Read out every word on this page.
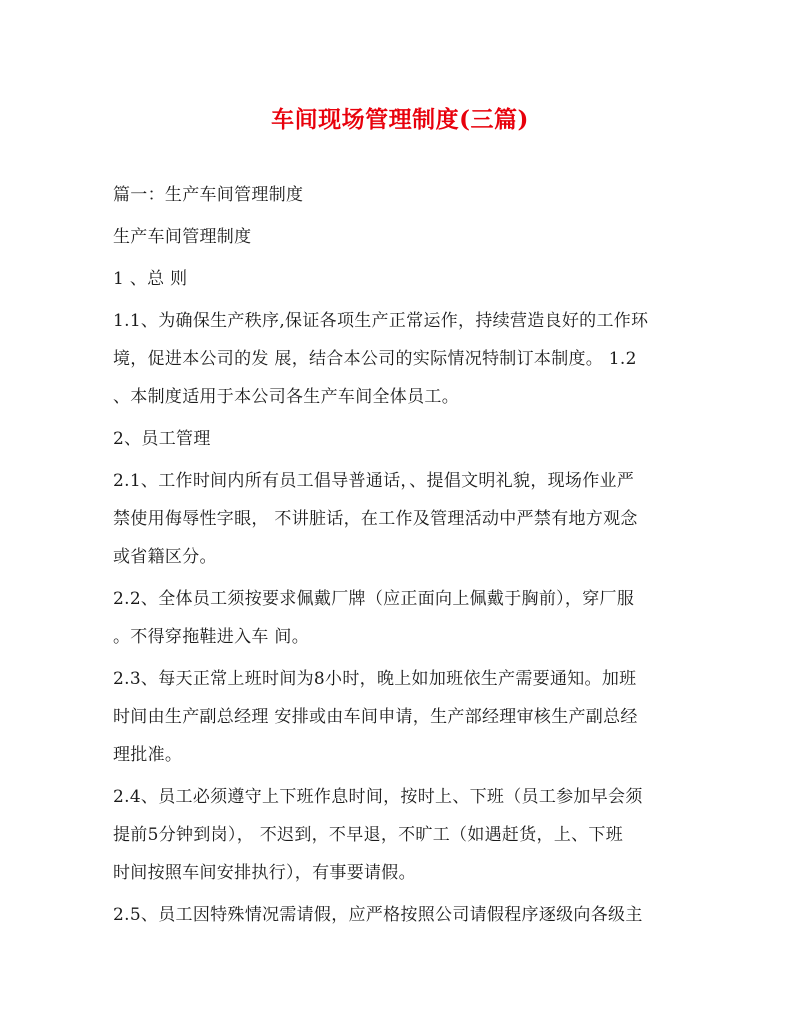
车间现场管理制度(三篇)

篇一：生产车间管理制度

生产车间管理制度

1 、总 则

1.1、为确保生产秩序,保证各项生产正常运作，持续营造良好的工作环
境，促进本公司的发 展，结合本公司的实际情况特制订本制度。 1.2
、本制度适用于本公司各生产车间全体员工。

2、员工管理

2.1、工作时间内所有员工倡导普通话，、提倡文明礼貌，现场作业严
禁使用侮辱性字眼， 不讲脏话，在工作及管理活动中严禁有地方观念
或省籍区分。

2.2、全体员工须按要求佩戴厂牌（应正面向上佩戴于胸前），穿厂服
。不得穿拖鞋进入车 间。

2.3、每天正常上班时间为8小时，晚上如加班依生产需要通知。加班
时间由生产副总经理 安排或由车间申请，生产部经理审核生产副总经
理批准。

2.4、员工必须遵守上下班作息时间，按时上、下班（员工参加早会须
提前5分钟到岗）， 不迟到，不早退，不旷工（如遇赶货，上、下班
时间按照车间安排执行），有事要请假。

2.5、员工因特殊情况需请假，应严格按照公司请假程序逐级向各级主
